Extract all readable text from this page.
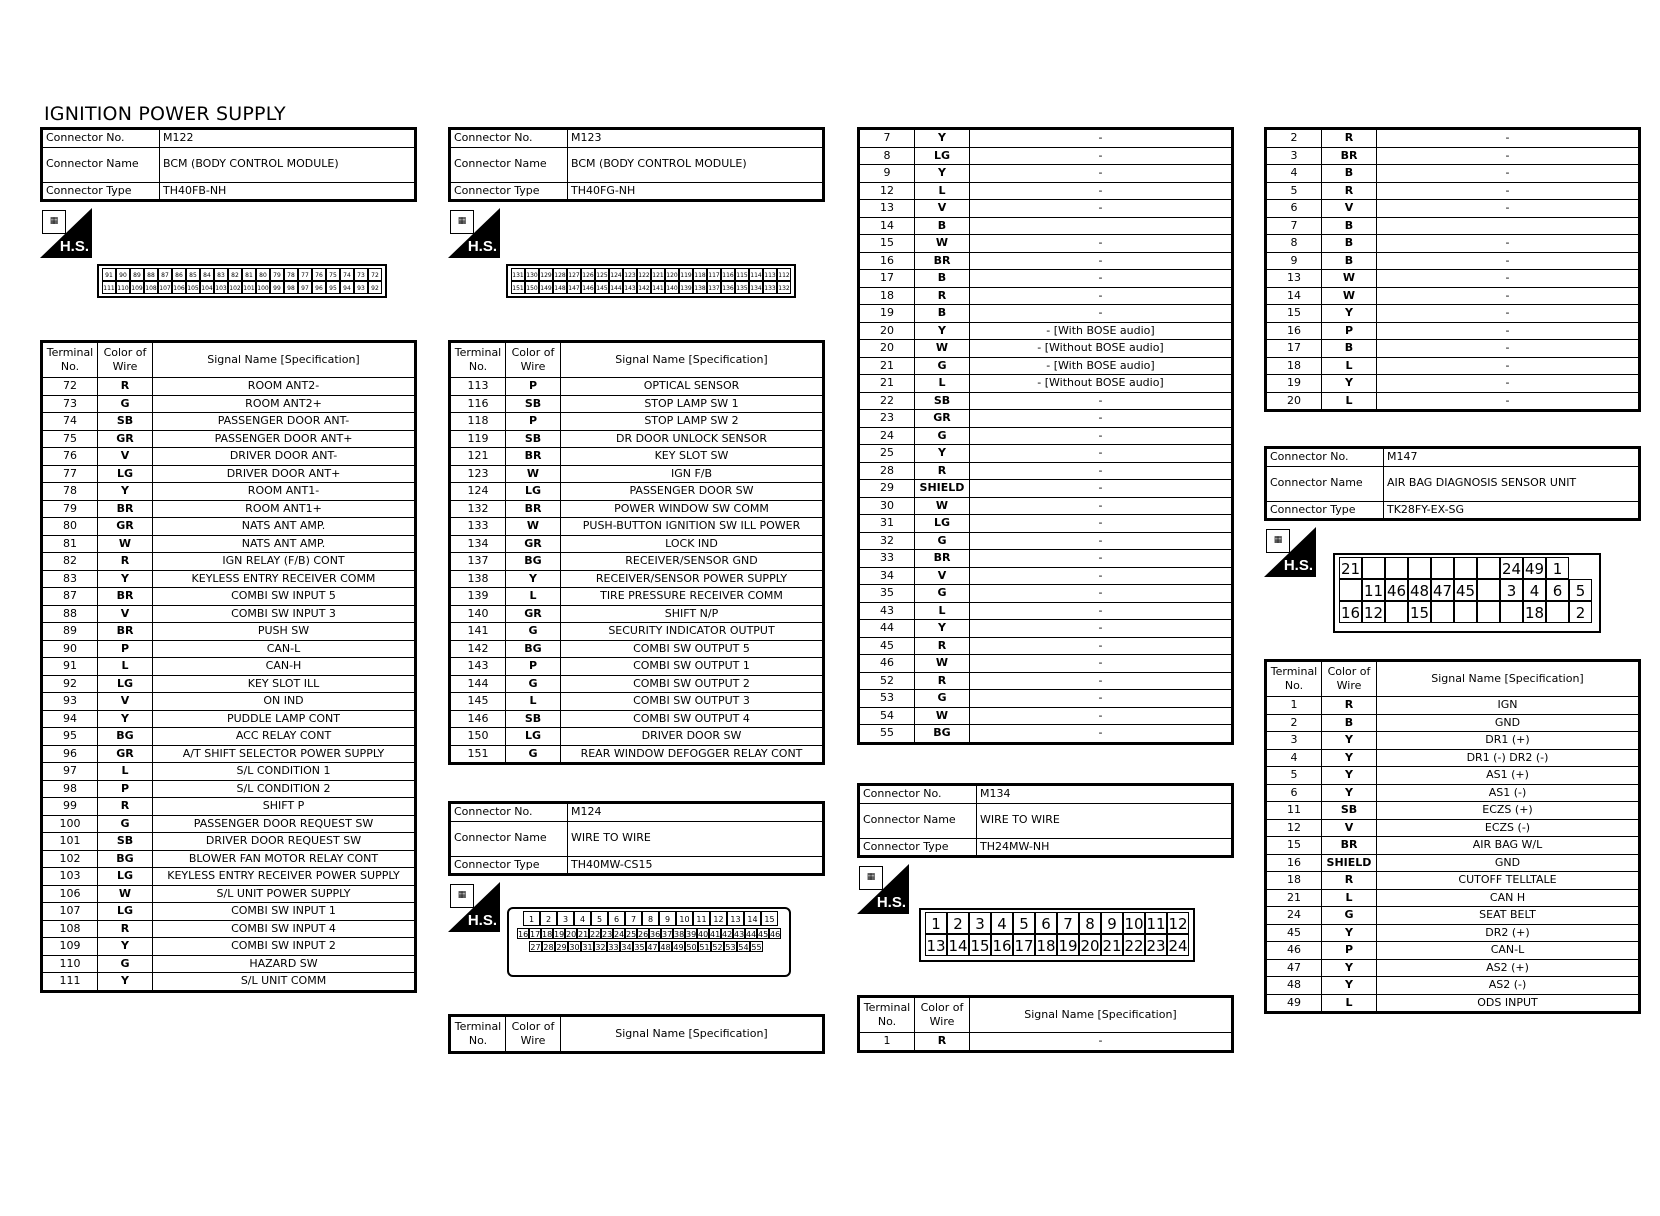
IGNITION POWER SUPPLY
Connector No.	M122
Connector Name	BCM (BODY CONTROL MODULE)
Connector Type	TH40FB-NH
▦
H.S.
91	90	89	88	87	86	85	84	83	82	81	80	79	78	77	76	75	74	73	72
111 110 109 108 107 106 105 104 103 102 101 100 99	98	97	96	95	94	93	92
Terminal No.	Color of Wire	Signal Name [Specification]
72	R	ROOM ANT2-
73	G	ROOM ANT2+
74	SB	PASSENGER DOOR ANT-
75	GR	PASSENGER DOOR ANT+
76	V	DRIVER DOOR ANT-
77	LG	DRIVER DOOR ANT+
78	Y	ROOM ANT1-
79	BR	ROOM ANT1+
80	GR	NATS ANT AMP.
81	W	NATS ANT AMP.
82	R	IGN RELAY (F/B) CONT
83	Y	KEYLESS ENTRY RECEIVER COMM
87	BR	COMBI SW INPUT 5
88	V	COMBI SW INPUT 3
89	BR	PUSH SW
90	P	CAN-L
91	L	CAN-H
92	LG	KEY SLOT ILL
93	V	ON IND
94	Y	PUDDLE LAMP CONT
95	BG	ACC RELAY CONT
96	GR	A/T SHIFT SELECTOR POWER SUPPLY
97	L	S/L CONDITION 1
98	P	S/L CONDITION 2
99	R	SHIFT P
100	G	PASSENGER DOOR REQUEST SW
101	SB	DRIVER DOOR REQUEST SW
102	BG	BLOWER FAN MOTOR RELAY CONT
103	LG	KEYLESS ENTRY RECEIVER POWER SUPPLY
106	W	S/L UNIT POWER SUPPLY
107	LG	COMBI SW INPUT 1
108	R	COMBI SW INPUT 4
109	Y	COMBI SW INPUT 2
110	G	HAZARD SW
111	Y	S/L UNIT COMM
Connector No.	M123
Connector Name	BCM (BODY CONTROL MODULE)
Connector Type	TH40FG-NH
▦
H.S.
131 130 129 128 127 126 125 124 123 122 121 120 119 118 117 116 115 114 113 112
151 150 149 148 147 146 145 144 143 142 141 140 139 138 137 136 135 134 133 132
Terminal No.	Color of Wire	Signal Name [Specification]
113	P	OPTICAL SENSOR
116	SB	STOP LAMP SW 1
118	P	STOP LAMP SW 2
119	SB	DR DOOR UNLOCK SENSOR
121	BR	KEY SLOT SW
123	W	IGN F/B
124	LG	PASSENGER DOOR SW
132	BR	POWER WINDOW SW COMM
133	W	PUSH-BUTTON IGNITION SW ILL POWER
134	GR	LOCK IND
137	BG	RECEIVER/SENSOR GND
138	Y	RECEIVER/SENSOR POWER SUPPLY
139	L	TIRE PRESSURE RECEIVER COMM
140	GR	SHIFT N/P
141	G	SECURITY INDICATOR OUTPUT
142	BG	COMBI SW OUTPUT 5
143	P	COMBI SW OUTPUT 1
144	G	COMBI SW OUTPUT 2
145	L	COMBI SW OUTPUT 3
146	SB	COMBI SW OUTPUT 4
150	LG	DRIVER DOOR SW
151	G	REAR WINDOW DEFOGGER RELAY CONT
Connector No.	M124
Connector Name	WIRE TO WIRE
Connector Type	TH40MW-CS15
▦
H.S.	1	2	3	4	5	6	7	8	9	10 11 12 13 14 15
16 17 18 19 20 21 22 23 24 25 26 36 37 38 39 40 41 42 43 44 45 46
27 28 29 30 31 32 33 34 35 47 48 49 50 51 52 53 54 55
Terminal No.	Color of Wire	Signal Name [Specification]
7	Y	-
8	LG	-
9	Y	-
12	L	-
13	V	-
14	B	
15	W	-
16	BR	-
17	B	-
18	R	-
19	B	-
20	Y	- [With BOSE audio]
20	W	- [Without BOSE audio]
21	G	- [With BOSE audio]
21	L	- [Without BOSE audio]
22	SB	-
23	GR	-
24	G	-
25	Y	-
28	R	-
29	SHIELD	-
30	W	-
31	LG	-
32	G	-
33	BR	-
34	V	-
35	G	-
43	L	-
44	Y	-
45	R	-
46	W	-
52	R	-
53	G	-
54	W	-
55	BG	-
Connector No.	M134
Connector Name	WIRE TO WIRE
Connector Type	TH24MW-NH
▦
H.S.
1 2 3 4 5 6 7 8 9 10 11 12
13 14 15 16 17 18 19 20 21 22 23 24
Terminal No.	Color of Wire	Signal Name [Specification]
1	R	-
2	R	-
3	BR	-
4	B	-
5	R	-
6	V	-
7	B	
8	B	-
9	B	-
13	W	-
14	W	-
15	Y	-
16	P	-
17	B	-
18	L	-
19	Y	-
20	L	-
Connector No.	M147
Connector Name	AIR BAG DIAGNOSIS SENSOR UNIT
Connector Type	TK28FY-EX-SG
▦
H.S. 21	24 49 1
11 46 48 47 45	3 4 6 5
16 12 15	18	2
Terminal No.	Color of Wire	Signal Name [Specification]
1	R	IGN
2	B	GND
3	Y	DR1 (+)
4	Y	DR1 (-) DR2 (-)
5	Y	AS1 (+)
6	Y	AS1 (-)
11	SB	ECZS (+)
12	V	ECZS (-)
15	BR	AIR BAG W/L
16	SHIELD	GND
18	R	CUTOFF TELLTALE
21	L	CAN H
24	G	SEAT BELT
45	Y	DR2 (+)
46	P	CAN-L
47	Y	AS2 (+)
48	Y	AS2 (-)
49	L	ODS INPUT
